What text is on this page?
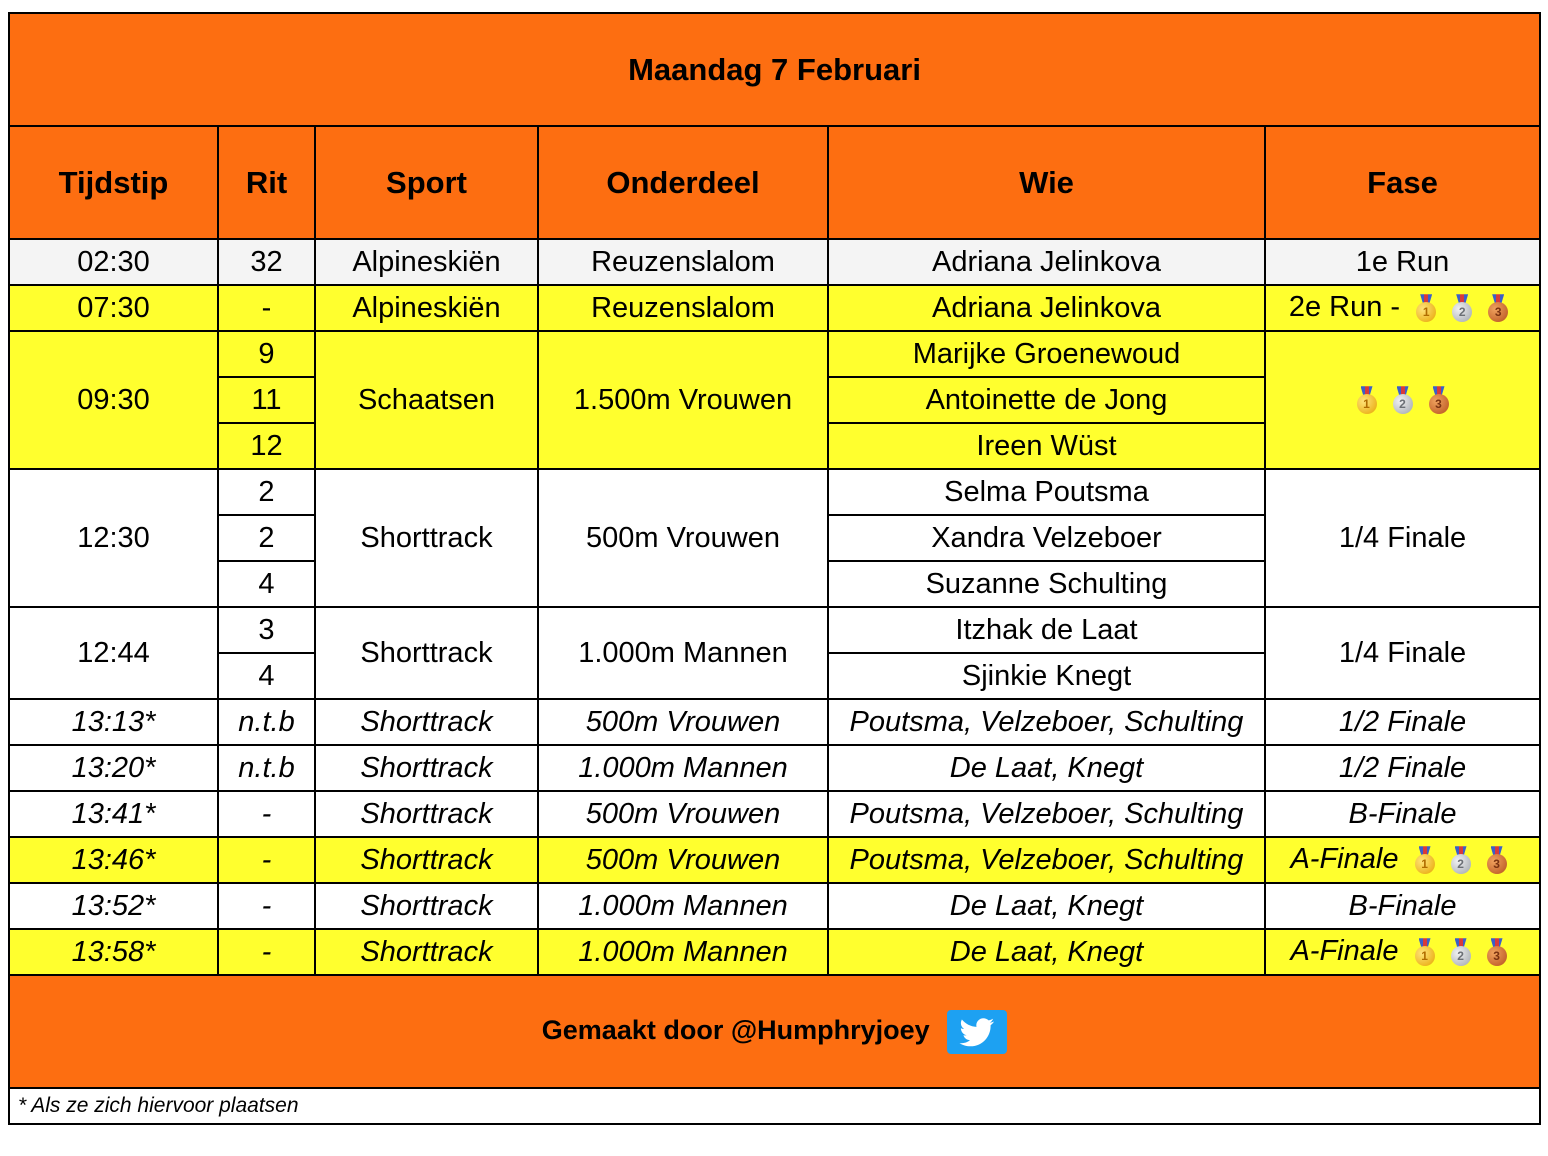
Maandag 7 Februari					
Tijdstip	Rit	Sport	Onderdeel	Wie	Fase
02:30	32	Alpineskiën	Reuzenslalom	Adriana Jelinkova	1e Run
07:30	-	Alpineskiën	Reuzenslalom	Adriana Jelinkova	2e Run - 1 2 3

09:30	9	Schaatsen	1.500m Vrouwen	Marijke Groenewoud	1 2 3

	11			Antoinette de Jong	
	12			Ireen Wüst	
12:30	2	Shorttrack	500m Vrouwen	Selma Poutsma	1/4 Finale
	2			Xandra Velzeboer	
	4			Suzanne Schulting	
12:44	3	Shorttrack	1.000m Mannen	Itzhak de Laat	1/4 Finale
	4			Sjinkie Knegt	
13:13*	n.t.b	Shorttrack	500m Vrouwen	Poutsma, Velzeboer, Schulting	1/2 Finale
13:20*	n.t.b	Shorttrack	1.000m Mannen	De Laat, Knegt	1/2 Finale
13:41*	-	Shorttrack	500m Vrouwen	Poutsma, Velzeboer, Schulting	B-Finale
13:46*	-	Shorttrack	500m Vrouwen	Poutsma, Velzeboer, Schulting	A-Finale 1 2 3

13:52*	-	Shorttrack	1.000m Mannen	De Laat, Knegt	B-Finale
13:58*	-	Shorttrack	1.000m Mannen	De Laat, Knegt	A-Finale 1 2 3

Gemaakt door @Humphryjoey					

* Als ze zich hiervoor plaatsen					
